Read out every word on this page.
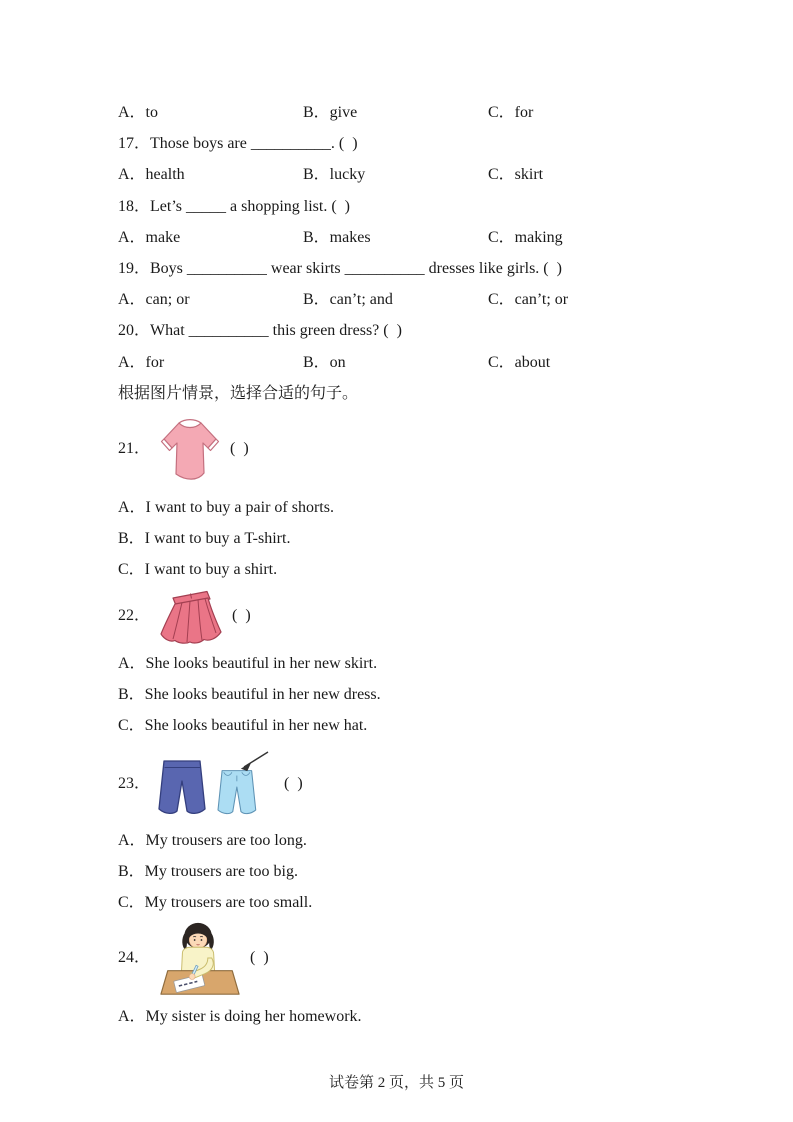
A．to	B．give	C．for
17．Those boys are __________. (  )
A．health	B．lucky	C．skirt
18．Let’s _____ a shopping list. (  )
A．make	B．makes	C．making
19．Boys __________ wear skirts __________ dresses like girls. (  )
A．can; or	B．can’t; and	C．can’t; or
20．What __________ this green dress? (  )
A．for	B．on	C．about
根据图片情景，选择合适的句子。
21．	(  )
A．I want to buy a pair of shorts.
B．I want to buy a T-shirt.
C．I want to buy a shirt.
22．	(  )
A．She looks beautiful in her new skirt.
B．She looks beautiful in her new dress.
C．She looks beautiful in her new hat.
23．	(  )
A．My trousers are too long.
B．My trousers are too big.
C．My trousers are too small.
24．	(  )
A．My sister is doing her homework.
试卷第 2 页，共 5 页
